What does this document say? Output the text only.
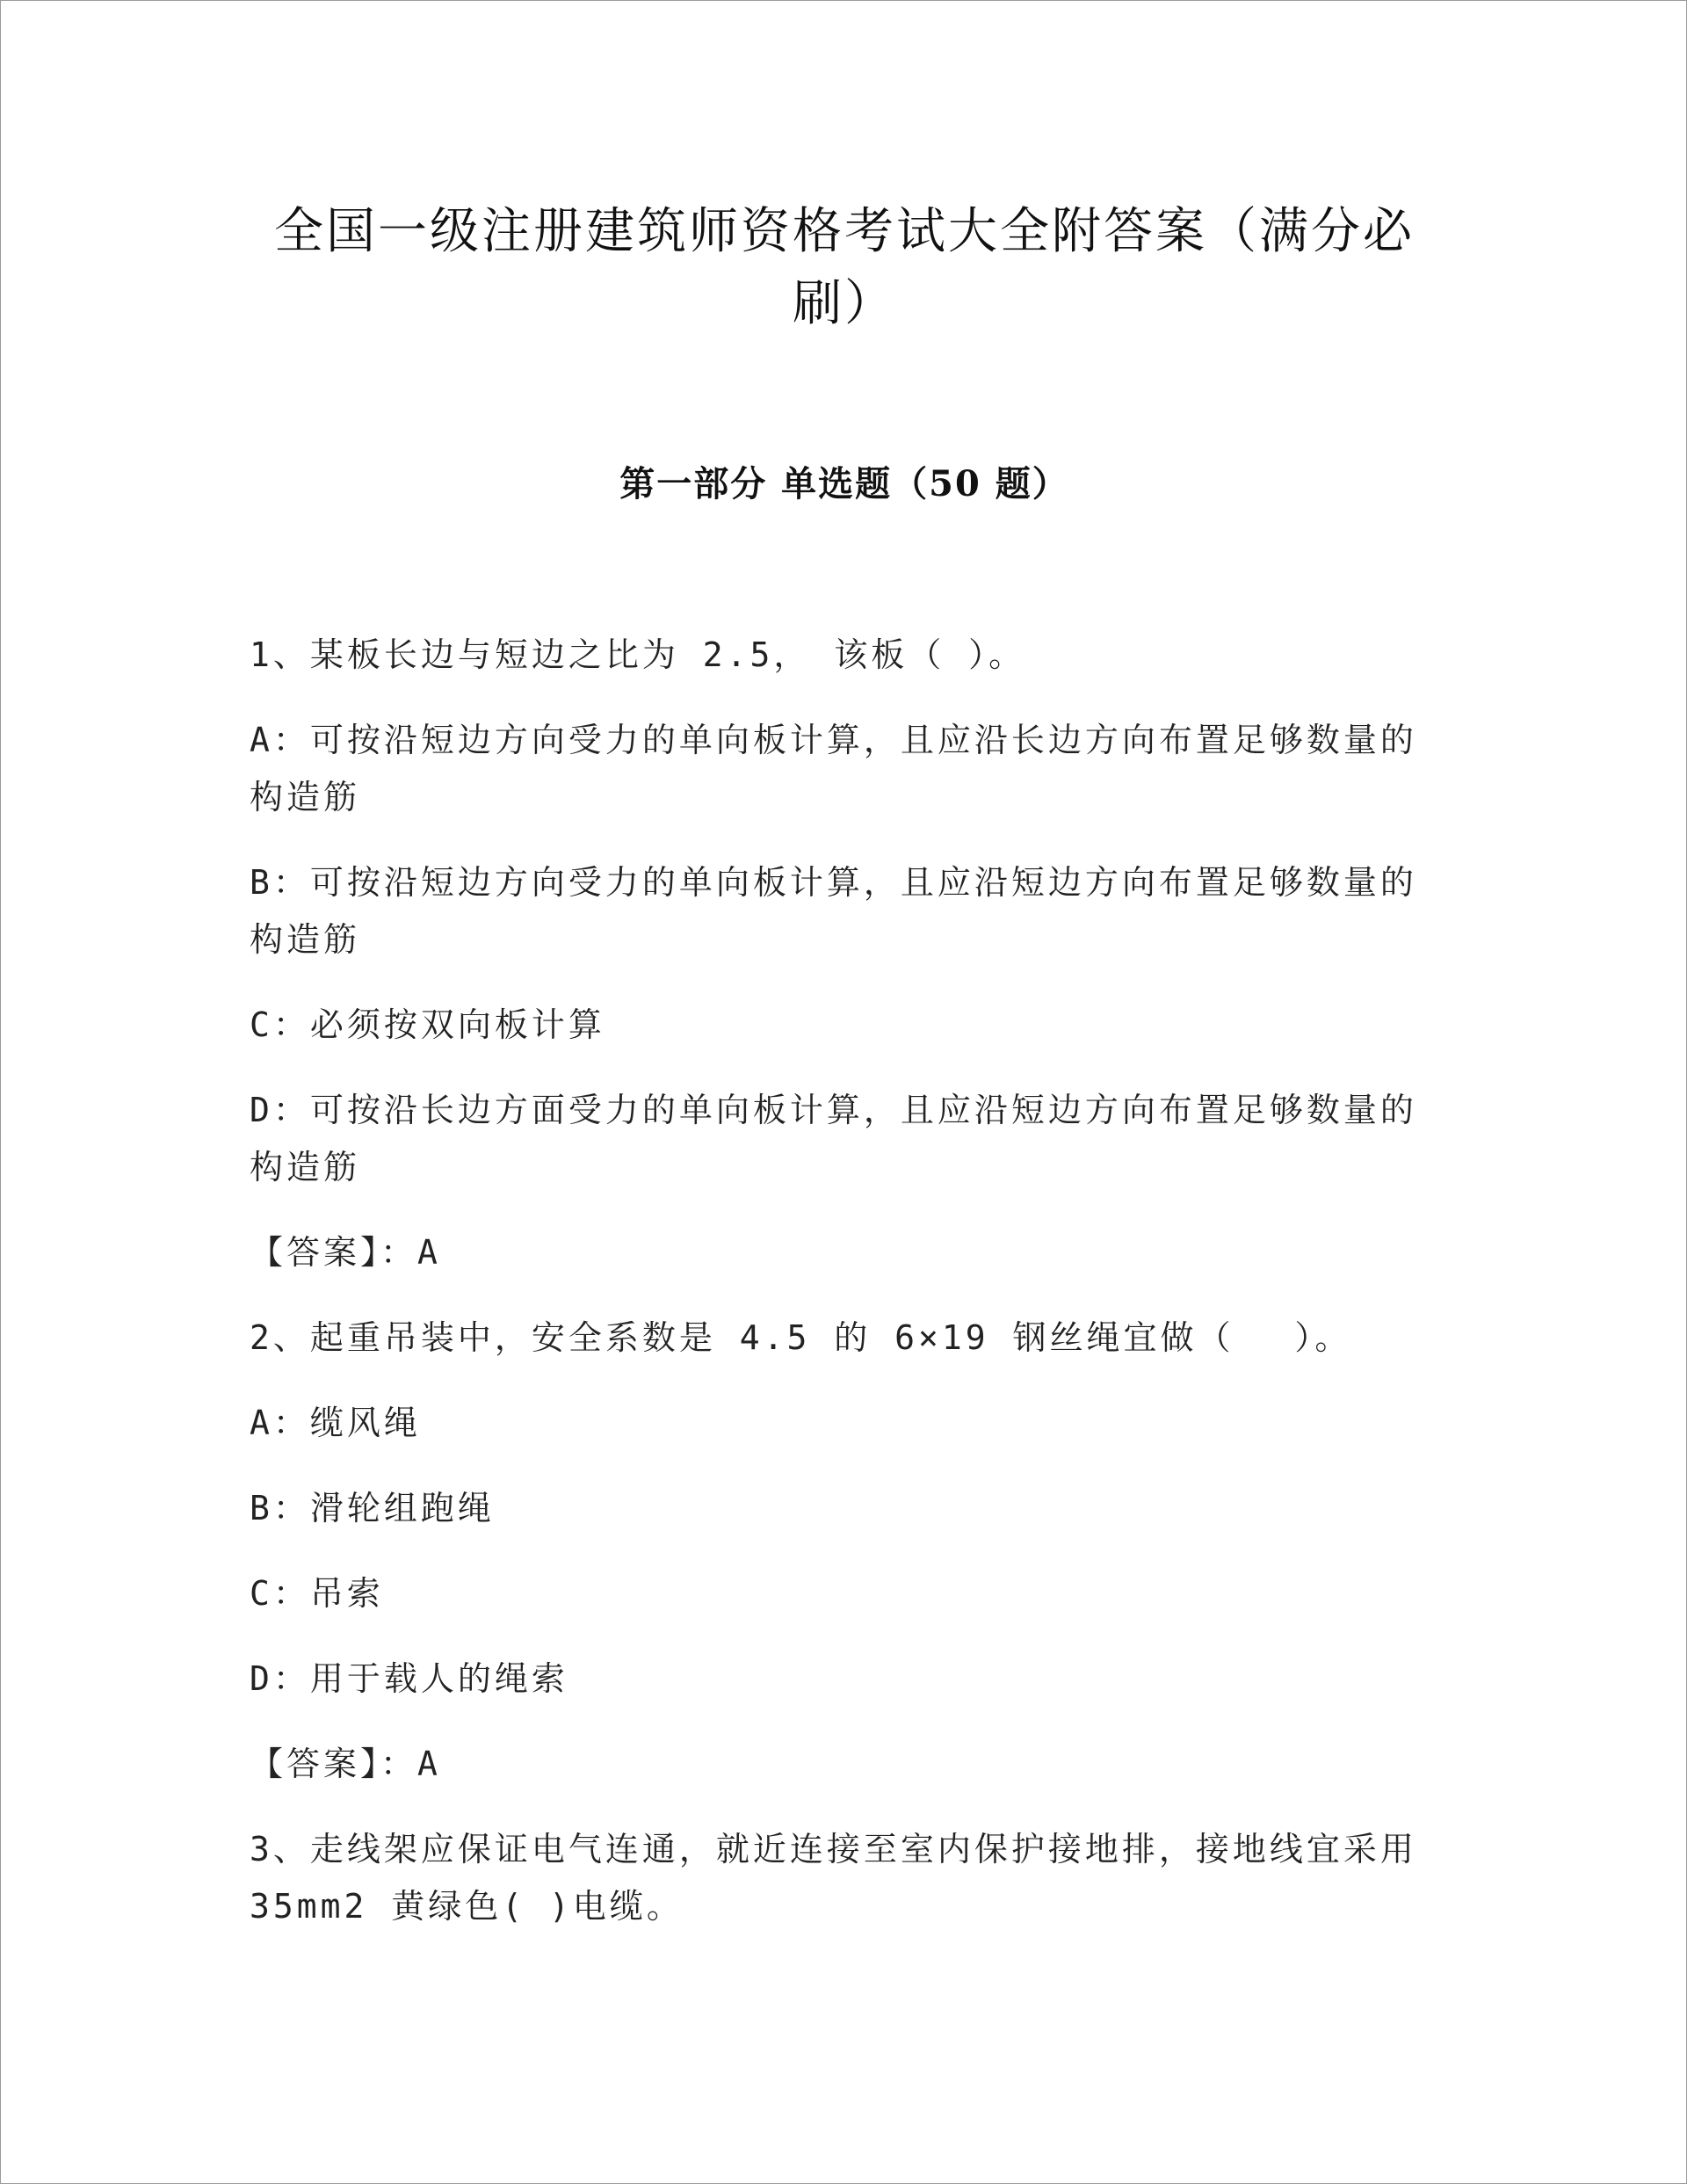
全国一级注册建筑师资格考试大全附答案（满分必刷）
第一部分 单选题（50 题）
1、某板长边与短边之比为 2.5， 该板（ ）。
A：可按沿短边方向受力的单向板计算，且应沿长边方向布置足够数量的构造筋
B：可按沿短边方向受力的单向板计算，且应沿短边方向布置足够数量的构造筋
C：必须按双向板计算
D：可按沿长边方面受力的单向板计算，且应沿短边方向布置足够数量的构造筋
【答案】：A
2、起重吊装中，安全系数是 4.5 的 6×19 钢丝绳宜做（　 ）。
A：缆风绳
B：滑轮组跑绳
C：吊索
D：用于载人的绳索
【答案】：A
3、走线架应保证电气连通，就近连接至室内保护接地排，接地线宜采用 35mm2 黄绿色( )电缆。
